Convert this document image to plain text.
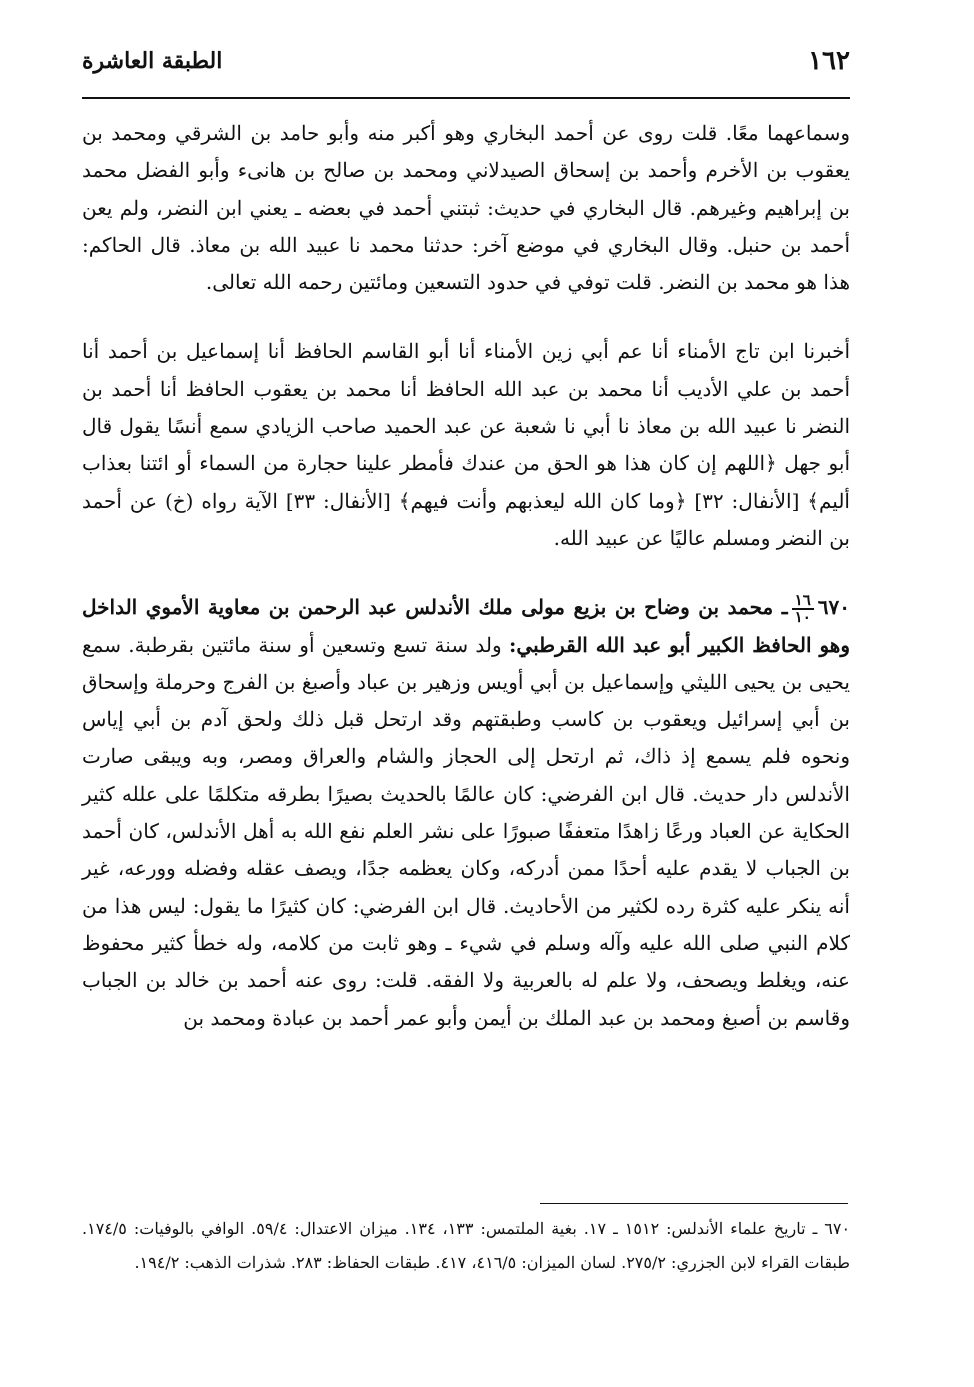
١٦٢
الطبقة العاشرة

وسماعهما معًا. قلت روى عن أحمد البخاري وهو أكبر منه وأبو حامد بن الشرقي ومحمد بن يعقوب بن الأخرم وأحمد بن إسحاق الصيدلاني ومحمد بن صالح بن هانىء وأبو الفضل محمد بن إبراهيم وغيرهم. قال البخاري في حديث: ثبتني أحمد في بعضه ـ يعني ابن النضر، ولم يعن أحمد بن حنبل. وقال البخاري في موضع آخر: حدثنا محمد نا عبيد الله بن معاذ. قال الحاكم: هذا هو محمد بن النضر. قلت توفي في حدود التسعين ومائتين رحمه الله تعالى.

أخبرنا ابن تاج الأمناء أنا عم أبي زين الأمناء أنا أبو القاسم الحافظ أنا إسماعيل بن أحمد أنا أحمد بن علي الأديب أنا محمد بن عبد الله الحافظ أنا محمد بن يعقوب الحافظ أنا أحمد بن النضر نا عبيد الله بن معاذ نا أبي نا شعبة عن عبد الحميد صاحب الزيادي سمع أنسًا يقول قال أبو جهل ﴿اللهم إن كان هذا هو الحق من عندك فأمطر علينا حجارة من السماء أو ائتنا بعذاب أليم﴾ [الأنفال: ٣٢] ﴿وما كان الله ليعذبهم وأنت فيهم﴾ [الأنفال: ٣٣] الآية رواه (خ) عن أحمد بن النضر ومسلم عاليًا عن عبيد الله.

٦٧٠
$\frac{١٦}{١٠}$
ـ محمد بن وضاح بن بزيع مولى ملك الأندلس عبد الرحمن بن معاوية الأموي الداخل وهو الحافظ الكبير أبو عبد الله القرطبي: ولد سنة تسع وتسعين أو سنة مائتين بقرطبة. سمع يحيى بن يحيى الليثي وإسماعيل بن أبي أويس وزهير بن عباد وأصبغ بن الفرج وحرملة وإسحاق بن أبي إسرائيل ويعقوب بن كاسب وطبقتهم وقد ارتحل قبل ذلك ولحق آدم بن أبي إياس ونحوه فلم يسمع إذ ذاك، ثم ارتحل إلى الحجاز والشام والعراق ومصر، وبه ويبقى صارت الأندلس دار حديث. قال ابن الفرضي: كان عالمًا بالحديث بصيرًا بطرقه متكلمًا على علله كثير الحكاية عن العباد ورعًا زاهدًا متعففًا صبورًا على نشر العلم نفع الله به أهل الأندلس، كان أحمد بن الجباب لا يقدم عليه أحدًا ممن أدركه، وكان يعظمه جدًا، ويصف عقله وفضله وورعه، غير أنه ينكر عليه كثرة رده لكثير من الأحاديث. قال ابن الفرضي: كان كثيرًا ما يقول: ليس هذا من كلام النبي صلى الله عليه وآله وسلم في شيء ـ وهو ثابت من كلامه، وله خطأ كثير محفوظ عنه، ويغلط ويصحف، ولا علم له بالعربية ولا الفقه. قلت: روى عنه أحمد بن خالد بن الجباب وقاسم بن أصبغ ومحمد بن عبد الملك بن أيمن وأبو عمر أحمد بن عبادة ومحمد بن

٦٧٠ ـ تاريخ علماء الأندلس: ١٥١٢ ـ ١٧. بغية الملتمس: ١٣٣، ١٣٤. ميزان الاعتدال: ٥٩/٤. الوافي بالوفيات: ١٧٤/٥. طبقات القراء لابن الجزري: ٢٧٥/٢. لسان الميزان: ٤١٦/٥، ٤١٧. طبقات الحفاظ: ٢٨٣. شذرات الذهب: ١٩٤/٢.
